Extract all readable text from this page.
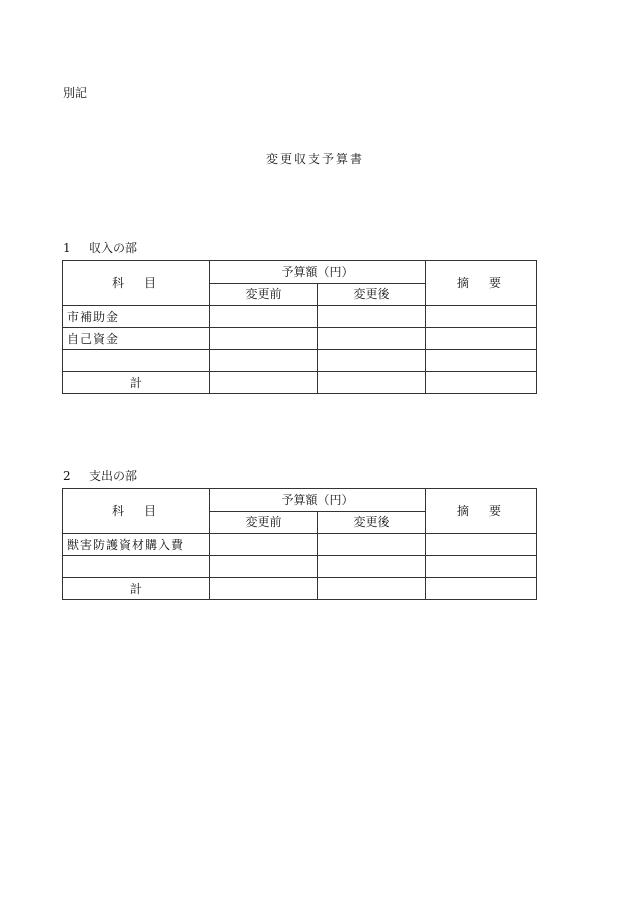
別記
変更収支予算書
1 収入の部
科　目	予算額（円）		摘　要
	変更前	変更後	
市補助金			
自己資金			

計			
2 支出の部
科　目	予算額（円）		摘　要
	変更前	変更後	
獣害防護資材購入費			

計			
